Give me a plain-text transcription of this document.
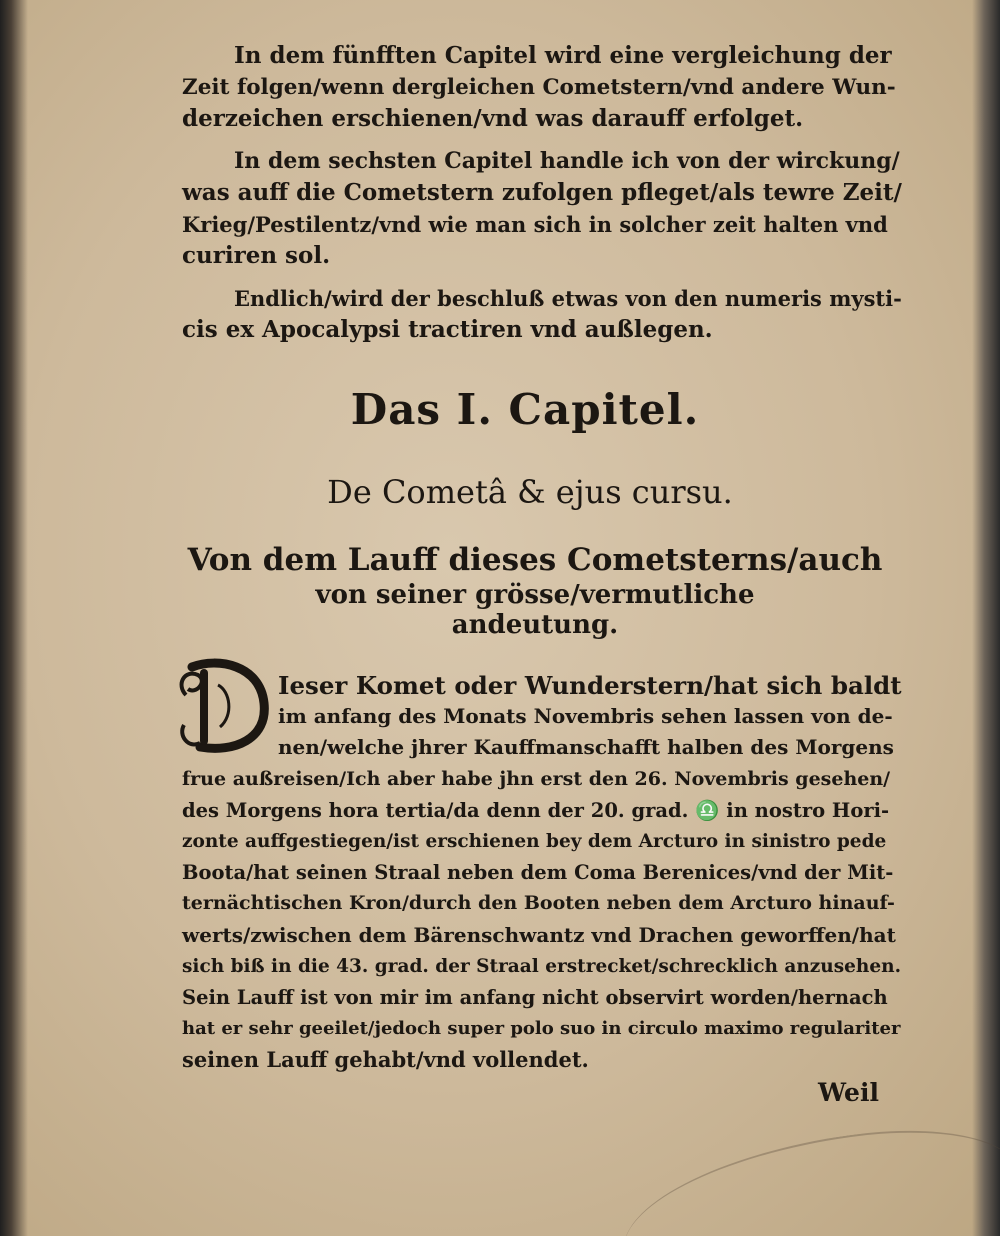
In dem fünfften Capitel wird eine vergleichung der
Zeit folgen/wenn dergleichen Cometstern/vnd andere Wun-
derzeichen erschienen/vnd was darauff erfolget.
In dem sechsten Capitel handle ich von der wirckung/
was auff die Cometstern zufolgen pfleget/als tewre Zeit/
Krieg/Pestilentz/vnd wie man sich in solcher zeit halten vnd
curiren sol.
Endlich/wird der beschluß etwas von den numeris mysti-
cis ex Apocalypsi tractiren vnd außlegen.
Das I. Capitel.
De Cometâ & ejus cursu.
Von dem Lauff dieses Cometsterns/auch
von seiner grösse/vermutliche
andeutung.
Ieser Komet oder Wunderstern/hat sich baldt
im anfang des Monats Novembris sehen lassen von de-
nen/welche jhrer Kauffmanschafft halben des Morgens
frue außreisen/Ich aber habe jhn erst den 26. Novembris gesehen/
des Morgens hora tertia/da denn der 20. grad. ♎ in nostro Hori-
zonte auffgestiegen/ist erschienen bey dem Arcturo in sinistro pede
Boota/hat seinen Straal neben dem Coma Berenices/vnd der Mit-
ternächtischen Kron/durch den Booten neben dem Arcturo hinauf-
werts/zwischen dem Bärenschwantz vnd Drachen geworffen/hat
sich biß in die 43. grad. der Straal erstrecket/schrecklich anzusehen.
Sein Lauff ist von mir im anfang nicht observirt worden/hernach
hat er sehr geeilet/jedoch super polo suo in circulo maximo regulariter
seinen Lauff gehabt/vnd vollendet.
Weil
